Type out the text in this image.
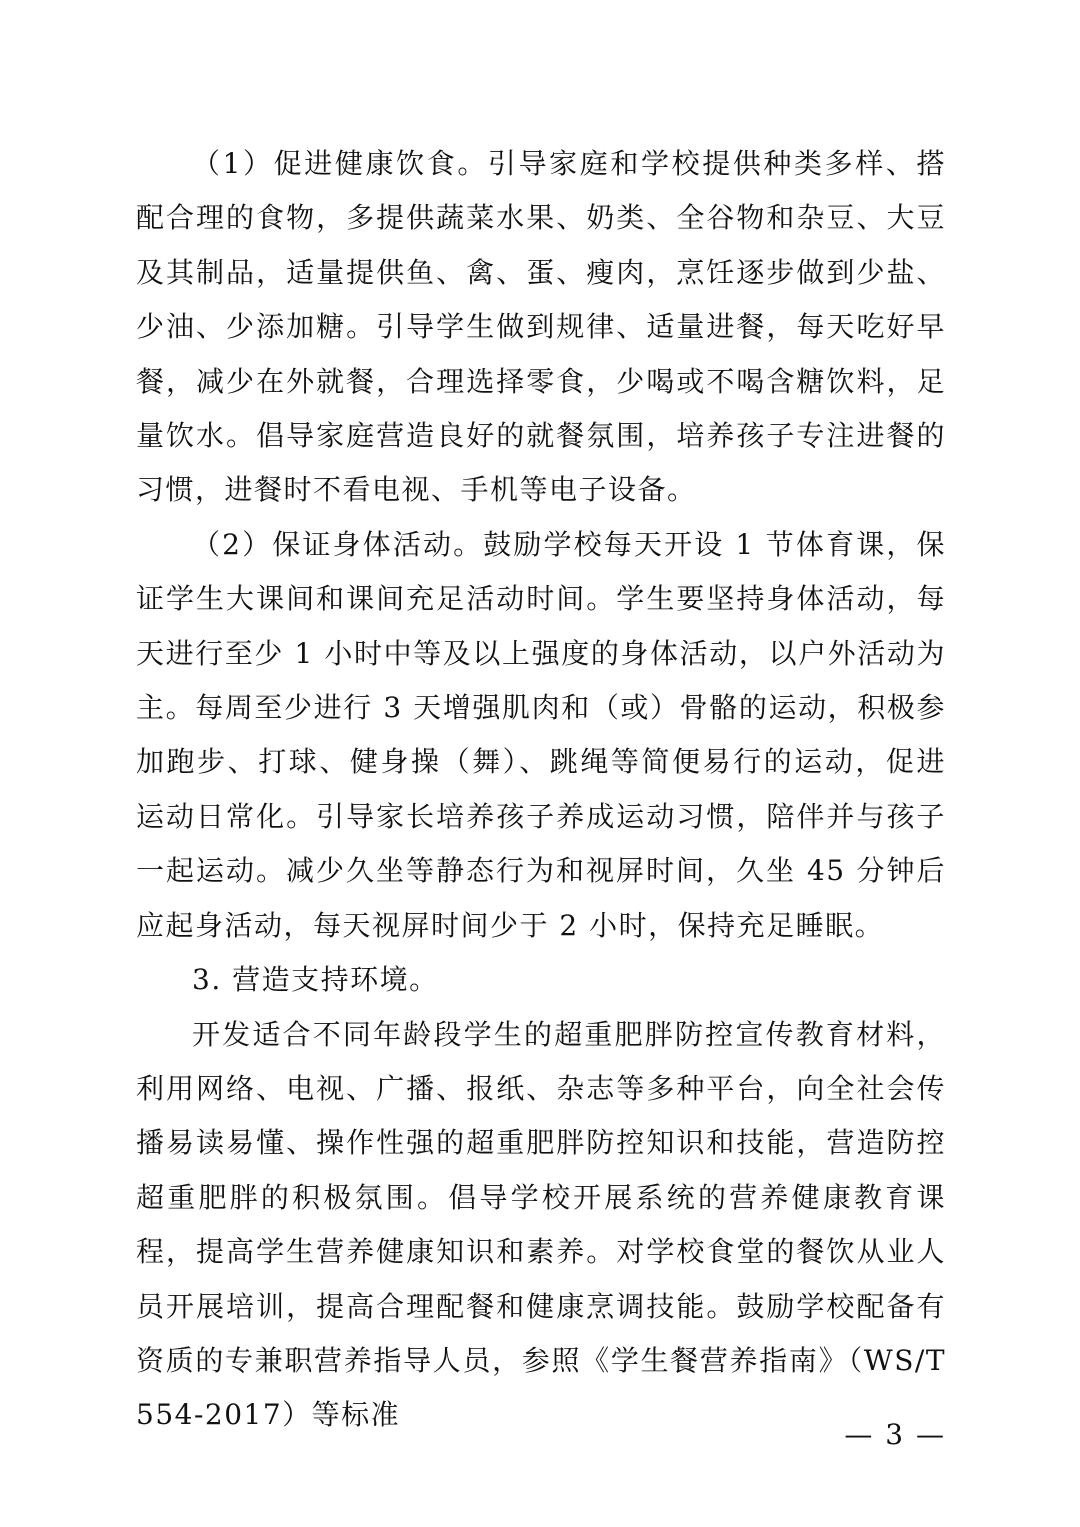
（1）促进健康饮食。引导家庭和学校提供种类多样、搭配合理的食物，多提供蔬菜水果、奶类、全谷物和杂豆、大豆及其制品，适量提供鱼、禽、蛋、瘦肉，烹饪逐步做到少盐、少油、少添加糖。引导学生做到规律、适量进餐，每天吃好早餐，减少在外就餐，合理选择零食，少喝或不喝含糖饮料，足量饮水。倡导家庭营造良好的就餐氛围，培养孩子专注进餐的习惯，进餐时不看电视、手机等电子设备。

（2）保证身体活动。鼓励学校每天开设 1 节体育课，保证学生大课间和课间充足活动时间。学生要坚持身体活动，每天进行至少 1 小时中等及以上强度的身体活动，以户外活动为主。每周至少进行 3 天增强肌肉和（或）骨骼的运动，积极参加跑步、打球、健身操（舞）、跳绳等简便易行的运动，促进运动日常化。引导家长培养孩子养成运动习惯，陪伴并与孩子一起运动。减少久坐等静态行为和视屏时间，久坐 45 分钟后应起身活动，每天视屏时间少于 2 小时，保持充足睡眠。

3. 营造支持环境。

开发适合不同年龄段学生的超重肥胖防控宣传教育材料，利用网络、电视、广播、报纸、杂志等多种平台，向全社会传播易读易懂、操作性强的超重肥胖防控知识和技能，营造防控超重肥胖的积极氛围。倡导学校开展系统的营养健康教育课程，提高学生营养健康知识和素养。对学校食堂的餐饮从业人员开展培训，提高合理配餐和健康烹调技能。鼓励学校配备有资质的专兼职营养指导人员，参照《学生餐营养指南》（WS/T 554-2017）等标准

— 3 —
